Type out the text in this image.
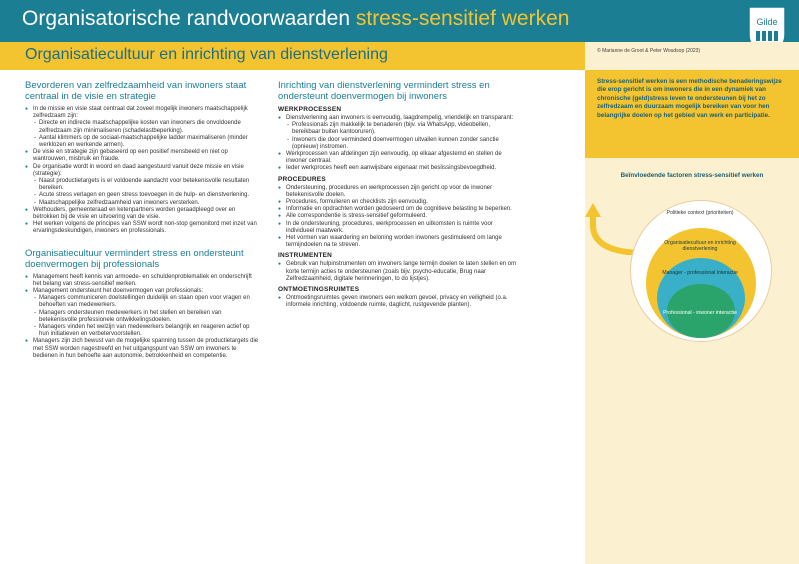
Organisatorische randvoorwaarden stress-sensitief werken	Gilde
Organisatiecultuur en inrichting van dienstverlening	© Marianne de Groot & Peter Woudsop (2023)

Stress-sensitief werken is een methodische benaderingswijze die erop gericht is om inwoners die in een dynamiek van chronische (geld)stress leven te ondersteunen bij het zo zelfredzaam en duurzaam mogelijk bereiken van voor hen belangrijke doelen op het gebied van werk en participatie.

Bevorderen van zelfredzaamheid van inwoners staat centraal in de visie en strategie
● In de missie en visie staat centraal dat zoveel mogelijk inwoners maatschappelijk zelfredzaam zijn:
- Directe en indirecte maatschappelijke kosten van inwoners die onvoldoende zelfredzaam zijn minimaliseren (schadelastbeperking).
- Aantal klimmers op de sociaal-maatschappelijke ladder maximaliseren (minder werklozen en werkende armen).
● De visie en strategie zijn gebaseerd op een positief mensbeeld en niet op wantrouwen, misbruik en fraude.
● De organisatie wordt in woord en daad aangestuurd vanuit deze missie en visie (strategie):
- Naast productietargets is er voldoende aandacht voor betekenisvolle resultaten bereiken.
- Acute stress verlagen en geen stress toevoegen in de hulp- en dienstverlening.
- Maatschappelijke zelfredzaamheid van inwoners versterken.
● Wethouders, gemeenteraad en ketenpartners worden geraadpleegd over en betrokken bij de visie en uitvoering van de visie.
● Het werken volgens de principes van SSW wordt non-stop gemonitord met inzet van ervaringsdeskundigen, inwoners en professionals.
Organisatiecultuur vermindert stress en ondersteunt doenvermogen bij professionals
● Management heeft kennis van armoede- en schuldenproblematiek en onderschrijft het belang van stress-sensitief werken.
● Management ondersteunt het doenvermogen van professionals:
- Managers communiceren doelstellingen duidelijk en staan open voor vragen en behoeften van medewerkers.
- Managers ondersteunen medewerkers in het stellen en bereiken van betekenisvolle professionele ontwikkelingsdoelen.
- Managers vinden het welzijn van medewerkers belangrijk en reageren actief op hun initiatieven en verbetervoorstellen.
● Managers zijn zich bewust van de mogelijke spanning tussen de productietargets die met SSW worden nagestreefd en het uitgangspunt van SSW om inwoners te bedienen in hun behoefte aan autonomie, betrokkenheid en competentie.
Inrichting van dienstverlening vermindert stress en ondersteunt doenvermogen bij inwoners
WERKPROCESSEN
● Dienstverlening aan inwoners is eenvoudig, laagdrempelig, vriendelijk en transparant:
- Professionals zijn makkelijk te benaderen (bijv. via WhatsApp, videobellen, bereikbaar buiten kantooruren).
- Inwoners die door verminderd doenvermogen uitvallen kunnen zonder sanctie (opnieuw) instromen.
● Werkprocessen van afdelingen zijn eenvoudig, op elkaar afgestemd en stellen de inwoner centraal.
● Ieder werkproces heeft een aanwijsbare eigenaar met beslissingsbevoegdheid.
PROCEDURES
● Ondersteuning, procedures en werkprocessen zijn gericht op voor de inwoner betekenisvolle doelen.
● Procedures, formulieren en checklists zijn eenvoudig.
● Informatie en opdrachten worden gedoseerd om de cognitieve belasting te beperken.
● Alle correspondentie is stress-sensitief geformuleerd.
● In de ondersteuning, procedures, werkprocessen en uitkomsten is ruimte voor individueel maatwerk.
● Het vormen van waardering en beloning worden inwoners gestimuleerd om lange termijndoelen na te streven.
INSTRUMENTEN
● Gebruik van hulpinstrumenten om inwoners lange termijn doelen te laten stellen en om korte termijn acties te ondersteunen (zoals bijv. psycho-educatie, Brug naar Zelfredzaamheid, digitale herinneringen, to do lijstjes).
ONTMOETINGSRUIMTES
● Ontmoetingsruimtes geven inwoners een welkom gevoel, privacy en veiligheid (o.a. informele inrichting, voldoende ruimte, daglicht, rustgevende planten).
Beïnvloedende factoren stress-sensitief werken
Politieke context (prioriteiten)
Organisatiecultuur en inrichting dienstverlening
Manager - professional interactie
Professional - inwoner interactie
